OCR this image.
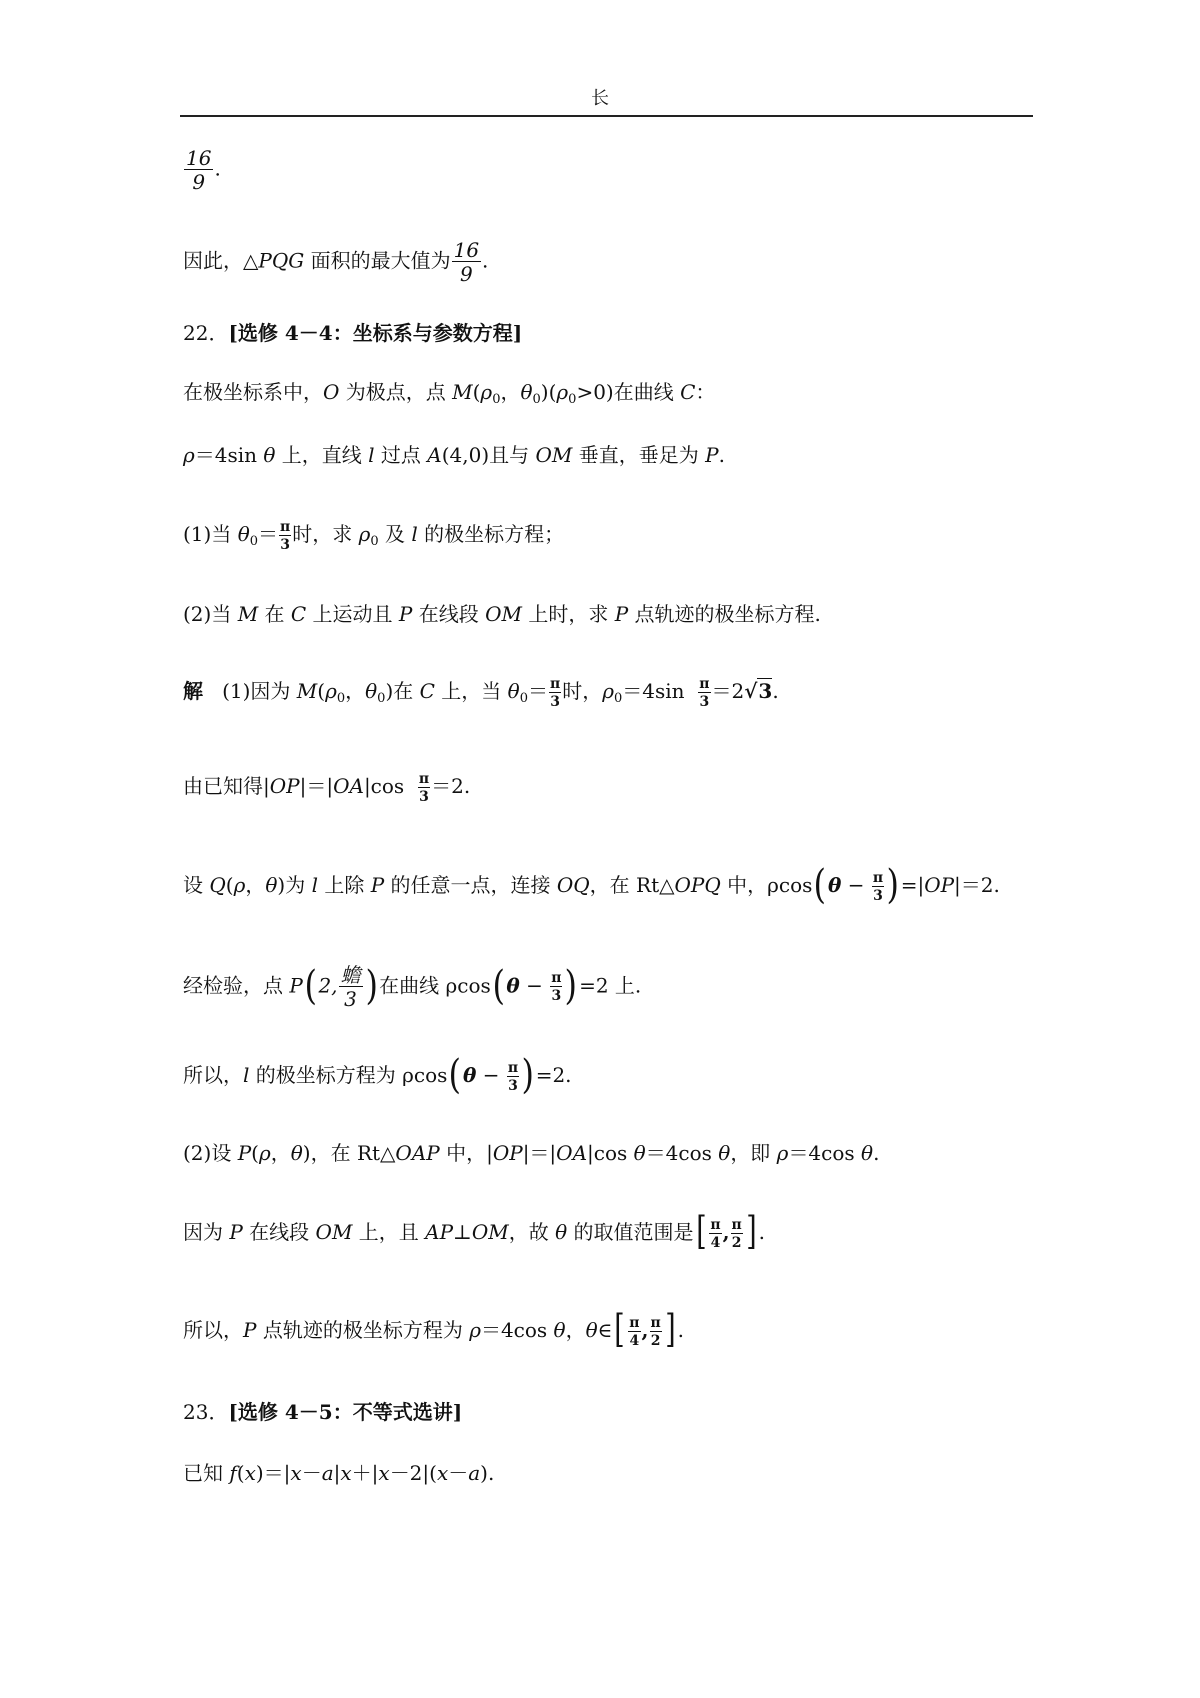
长
$\frac{16}{9}$ .
因此，△PQG 面积的最大值为 $\frac{16}{9}$ .
22．[选修 4－4：坐标系与参数方程]
在极坐标系中，O 为极点，点 $M(\rho_0$，$\theta_0)(\rho_0>0)$在曲线 C：
ρ＝4sin θ 上，直线 l 过点 A(4,0)且与 OM 垂直，垂足为 P.
(1)当 $\theta_0= \frac{\pi}{3}$ 时，求 $\rho_0$ 及 l 的极坐标方程；
(2)当 M 在 C 上运动且 P 在线段 OM 上时，求 P 点轨迹的极坐标方程.
解   (1)因为 $M(\rho_0$，$\theta_0$)在 C 上，当 $\theta_0= \frac{\pi}{3}$ 时，$\rho_0=4\sin \frac{\pi}{3} =2√3$.
由已知得$|OP|=|OA|\cos \frac{\pi}{3} =2$.
设 Q(ρ，θ)为 l 上除 P 的任意一点，连接 OQ，在 Rt△OPQ 中，$\rho\cos(\theta - \frac{\pi}{3} )=|OP|=2$.
经检验，点 P(2, $\frac{\text{蟾}}{3}$ )在曲线 $\rho\cos(\theta - \frac{\pi}{3} )=2$ 上.
所以，l 的极坐标方程为 $\rho\cos(\theta - \frac{\pi}{3} )=2$.
(2)设 P(ρ，θ)，在 Rt△OAP 中，|OP|＝|OA|cos θ＝4cos θ，即 ρ＝4cos θ.
因为 P 在线段 OM 上，且 AP⊥OM，故 θ 的取值范围是[ $\frac{\pi}{4}$ , $\frac{\pi}{2}$ ] .
所以，P 点轨迹的极坐标方程为 ρ＝4cos θ，θ∈[ $\frac{\pi}{4}$ , $\frac{\pi}{2}$ ] .
23．[选修 4－5：不等式选讲]
已知 f(x)＝|x－a|x＋|x－2|(x－a).
